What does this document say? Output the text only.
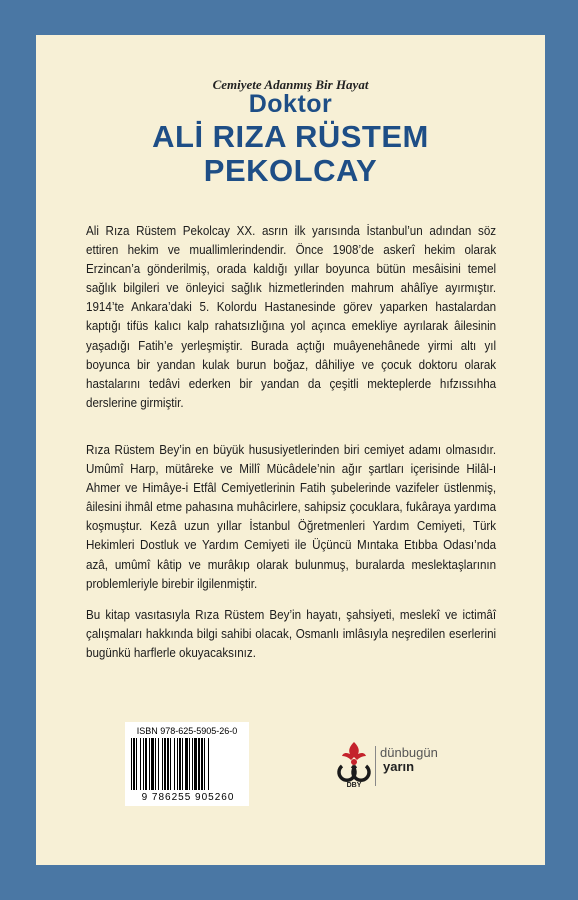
Cemiyete Adanmış Bir Hayat
Doktor
ALİ RIZA RÜSTEM
PEKOLCAY
Ali Rıza Rüstem Pekolcay XX. asrın ilk yarısında İstanbul’un adından söz ettiren hekim ve muallimlerindendir. Önce 1908’de askerî hekim olarak Erzincan’a gönderilmiş, orada kaldığı yıllar boyunca bütün mesâisini temel sağlık bilgileri ve önleyici sağlık hizmetlerinden mahrum ahâlîye ayırmıştır. 1914’te Ankara’daki 5. Kolordu Hastanesinde görev yaparken hastalardan kaptığı tifüs kalıcı kalp rahatsızlığına yol açınca emekliye ayrılarak âilesinin yaşadığı Fatih’e yerleşmiştir. Burada açtığı muâyenehânede yirmi altı yıl boyunca bir yandan kulak burun boğaz, dâhiliye ve çocuk doktoru olarak hastalarını tedâvi ederken bir yandan da çeşitli mekteplerde hıfzıssıhha derslerine girmiştir.
Rıza Rüstem Bey’in en büyük hususiyetlerinden biri cemiyet adamı olmasıdır. Umûmî Harp, mütâreke ve Millî Mücâdele’nin ağır şartları içerisinde Hilâl-ı Ahmer ve Himâye-i Etfâl Cemiyetlerinin Fatih şubelerinde vazifeler üstlenmiş, âilesini ihmâl etme pahasına muhâcirlere, sahipsiz çocuklara, fukâraya yardıma koşmuştur. Kezâ uzun yıllar İstanbul Öğretmenleri Yardım Cemiyeti, Türk Hekimleri Dostluk ve Yardım Cemiyeti ile Üçüncü Mıntaka Etıbba Odası’nda azâ, umûmî kâtip ve murâkıp olarak bulunmuş, buralarda meslektaşlarının problemleriyle birebir ilgilenmiştir.
Bu kitap vasıtasıyla Rıza Rüstem Bey’in hayatı, şahsiyeti, meslekî ve ictimâî çalışmaları hakkında bilgi sahibi olacak, Osmanlı imlâsıyla neşredilen eserlerini bugünkü harflerle okuyacaksınız.
ISBN 978-625-5905-26-0
9 786255 905260
DBY
dünbugün
yarın
